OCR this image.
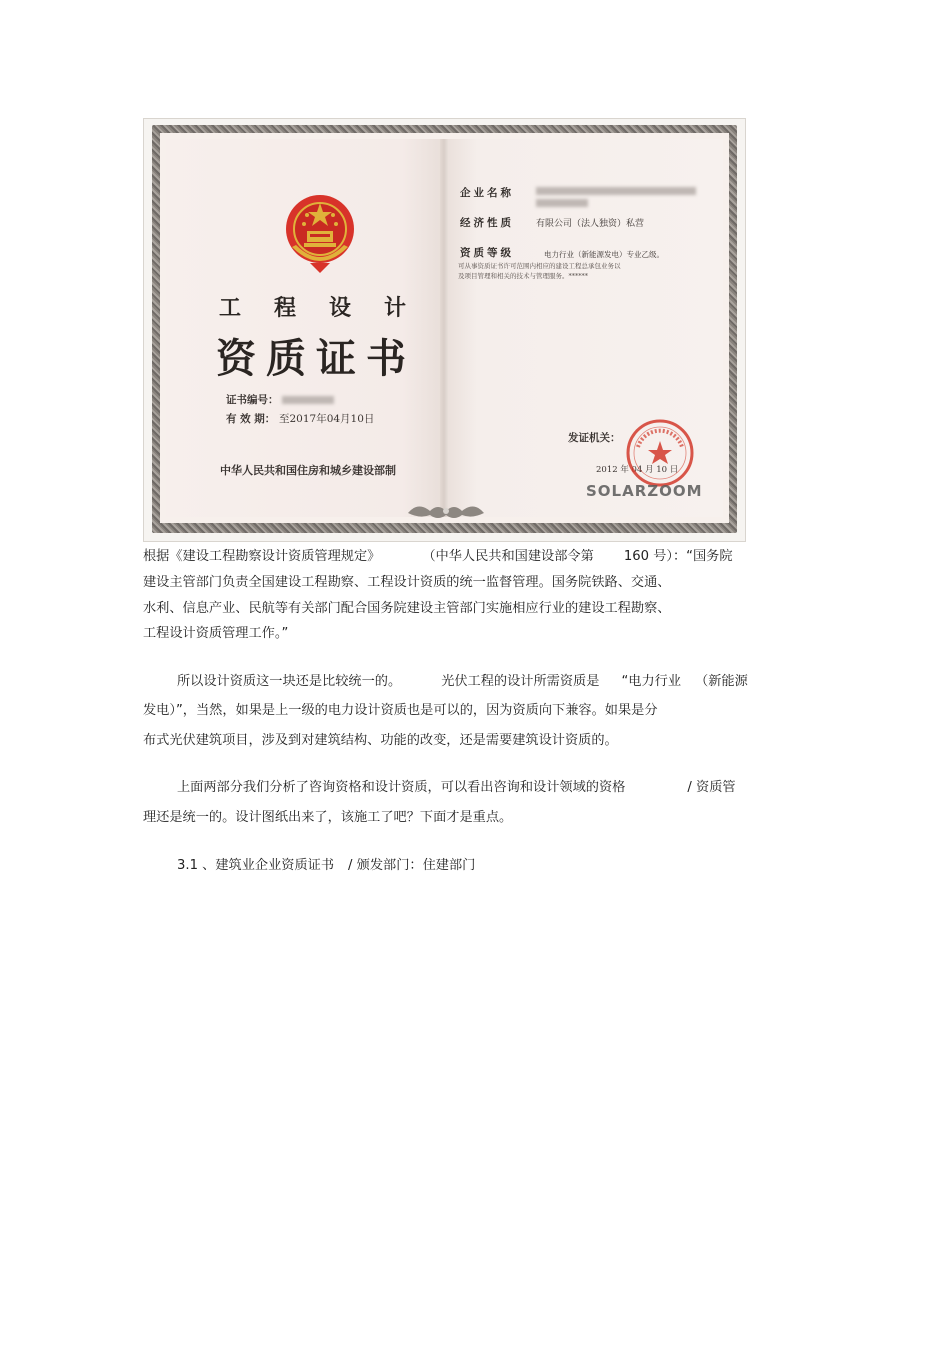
工程设计
资质证书
证书编号：
有 效 期： 至2017年04月10日
中华人民共和国住房和城乡建设部制
企业名称
经济性质 有限公司（法人独资）私营
资质等级	电力行业（新能源发电）专业乙级。
可从事资质证书许可范围内相应的建设工程总承包业务以
及项目管理和相关的技术与管理服务。******
发证机关：
2012 年 04 月 10 日
SOLARZOOM
根据《建设工程勘察设计资质管理规定》	（中华人民共和国建设部令第 160 号）：“国务院
建设主管部门负责全国建设工程勘察、工程设计资质的统一监督管理。国务院铁路、交通、
水利、信息产业、民航等有关部门配合国务院建设主管部门实施相应行业的建设工程勘察、
工程设计资质管理工作。”
所以设计资质这一块还是比较统一的。	光伏工程的设计所需资质是 “电力行业 （新能源
发电）”，当然，如果是上一级的电力设计资质也是可以的，因为资质向下兼容。如果是分
布式光伏建筑项目，涉及到对建筑结构、功能的改变，还是需要建筑设计资质的。
上面两部分我们分析了咨询资格和设计资质，可以看出咨询和设计领域的资格	/ 资质管
理还是统一的。设计图纸出来了，该施工了吧？下面才是重点。
3.1 、建筑业企业资质证书 / 颁发部门：住建部门
